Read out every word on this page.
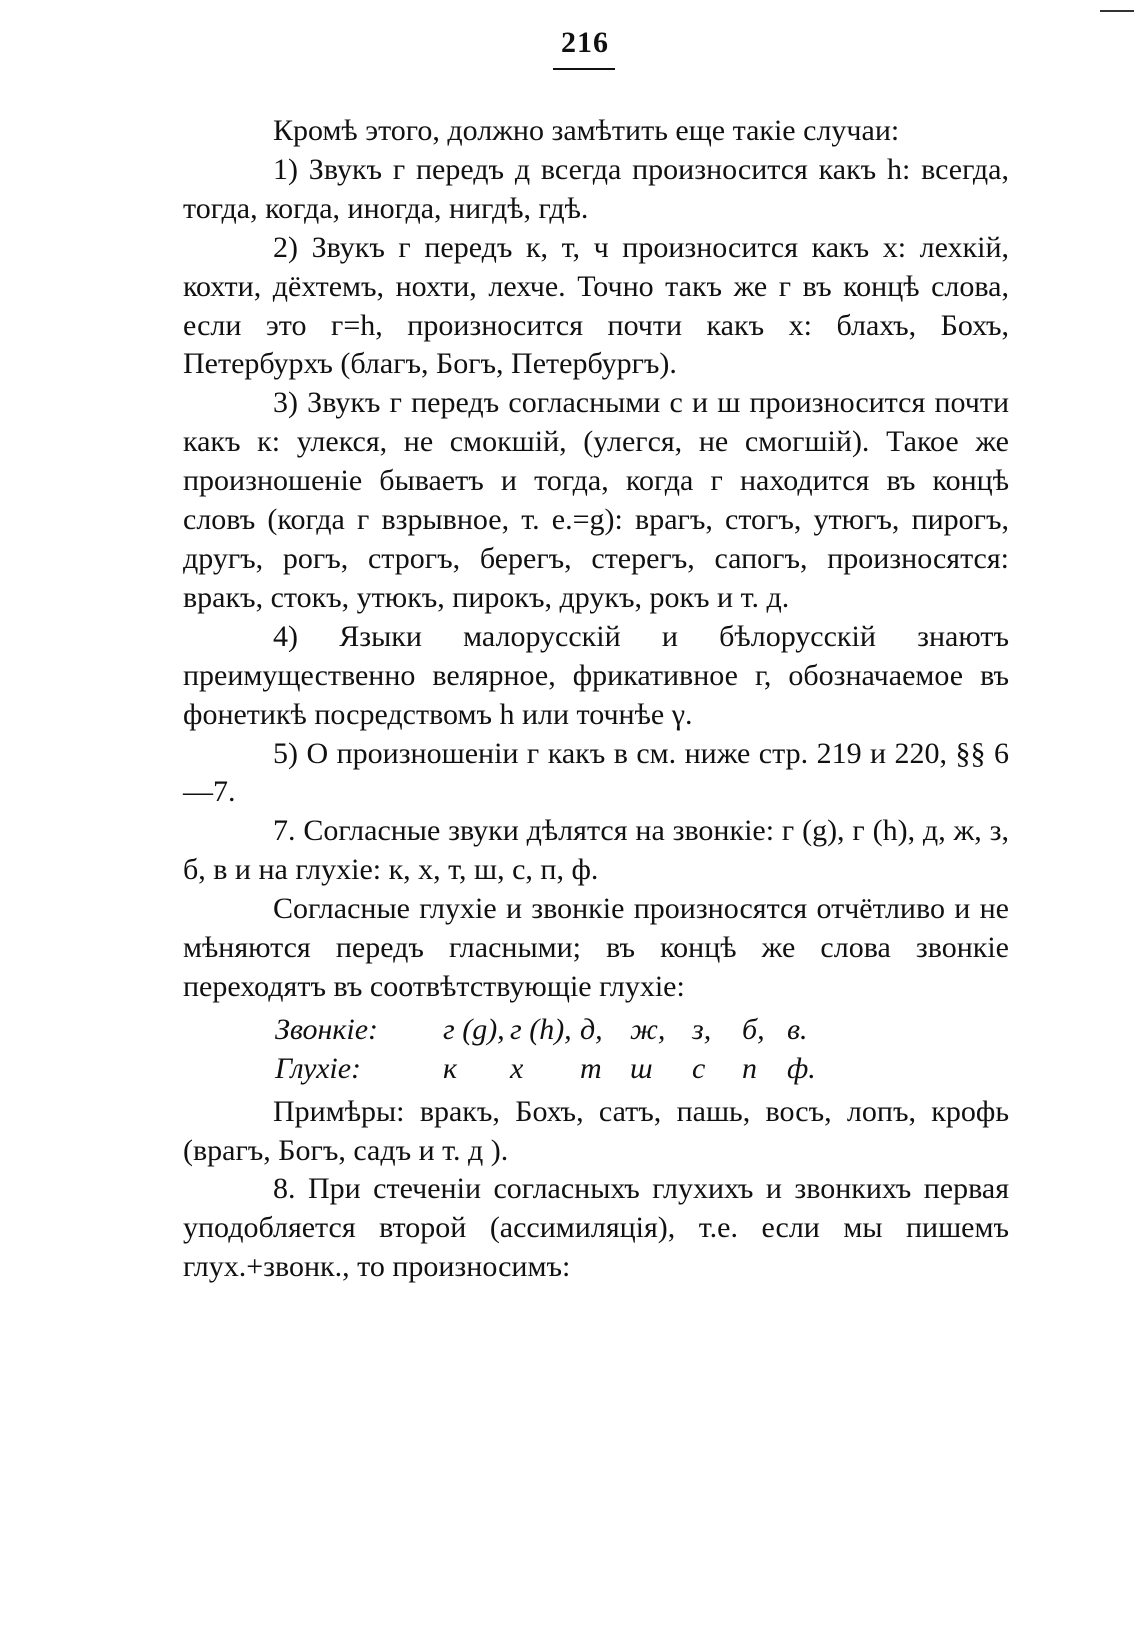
216

Кромѣ этого, должно замѣтить еще такіе случаи:

1) Звукъ г передъ д всегда произносится какъ h: всегда, тогда, когда, иногда, нигдѣ, гдѣ.

2) Звукъ г передъ к, т, ч произносится какъ х: лехкій, кохти, дёхтемъ, нохти, лехче. Точно такъ же г въ концѣ слова, если это г=h, произносится почти какъ х: блахъ, Бохъ, Петербурхъ (благъ, Богъ, Петербургъ).

3) Звукъ г передъ согласными с и ш произносится почти какъ к: улекся, не смокшій, (улегся, не смогшій). Такое же произношеніе бываетъ и тогда, когда г находится въ концѣ словъ (когда г взрывное, т. е.=g): врагъ, стогъ, утюгъ, пирогъ, другъ, рогъ, строгъ, берегъ, стерегъ, сапогъ, произносятся: вракъ, стокъ, утюкъ, пирокъ, друкъ, рокъ и т. д.

4) Языки малорусскій и бѣлорусскій знаютъ преимущественно велярное, фрикативное г, обозначаемое въ фонетикѣ посредствомъ h или точнѣе γ.

5) О произношеніи г какъ в см. ниже стр. 219 и 220, §§ 6—7.

7. Согласные звуки дѣлятся на звонкіе: г (g), г (h), д, ж, з, б, в и на глухіе: к, х, т, ш, с, п, ф.

Согласные глухіе и звонкіе произносятся отчётливо и не мѣняются передъ гласными; въ концѣ же слова звонкіе переходятъ въ соотвѣтствующіе глухіе:

Звонкіе: г (g), г (h), д, ж, з, б, в.

Глухіе:	к х т ш с п ф.

Примѣры: вракъ, Бохъ, сатъ, пашь, восъ, лопъ, крофь (врагъ, Богъ, садъ и т. д ).

8. При стеченіи согласныхъ глухихъ и звонкихъ первая уподобляется второй (ассимиляція), т.е. если мы пишемъ глух.+звонк., то произносимъ:
